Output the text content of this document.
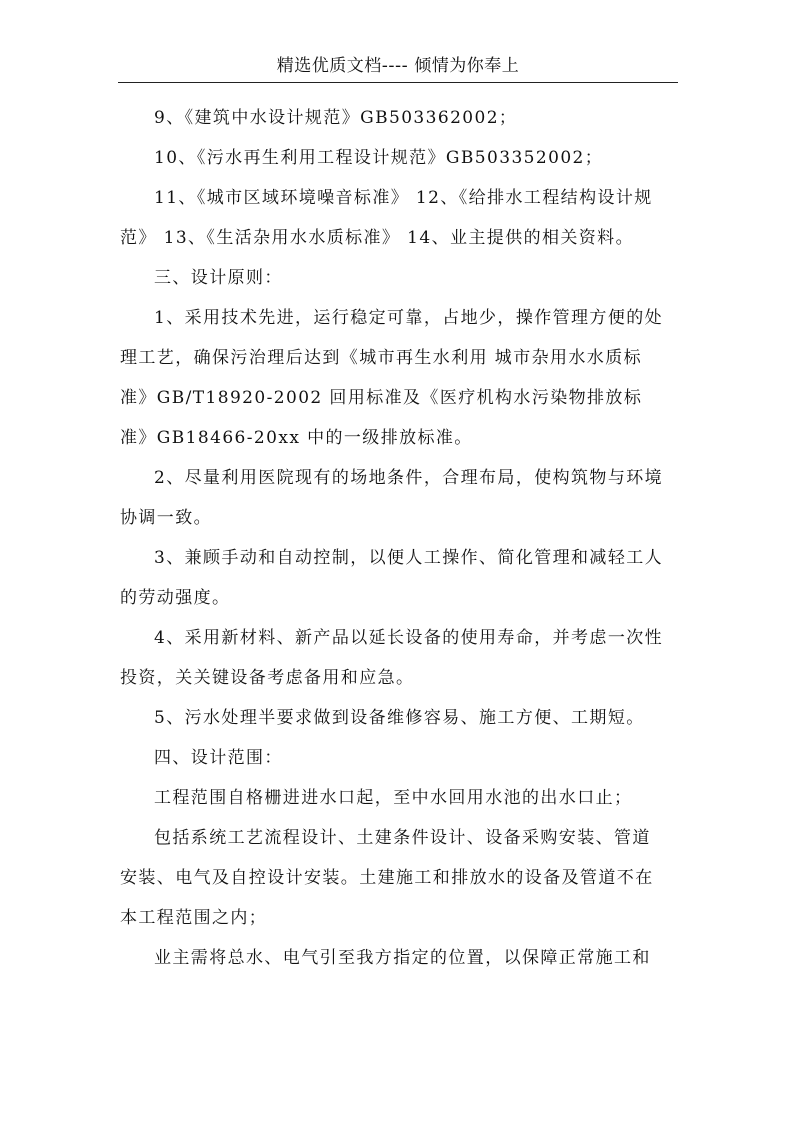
精选优质文档---- 倾情为你奉上

9、《建筑中水设计规范》GB503362002；

10、《污水再生利用工程设计规范》GB503352002；

11、《城市区域环境噪音标准》 12、《给排水工程结构设计规范》 13、《生活杂用水水质标准》 14、业主提供的相关资料。

三、设计原则：

1、采用技术先进，运行稳定可靠，占地少，操作管理方便的处理工艺，确保污治理后达到《城市再生水利用 城市杂用水水质标准》GB/T18920-2002 回用标准及《医疗机构水污染物排放标准》GB18466-20xx 中的一级排放标准。

2、尽量利用医院现有的场地条件，合理布局，使构筑物与环境协调一致。

3、兼顾手动和自动控制，以便人工操作、简化管理和减轻工人的劳动强度。

4、采用新材料、新产品以延长设备的使用寿命，并考虑一次性投资，关关键设备考虑备用和应急。

5、污水处理半要求做到设备维修容易、施工方便、工期短。

四、设计范围：

工程范围自格栅进进水口起，至中水回用水池的出水口止；

包括系统工艺流程设计、土建条件设计、设备采购安装、管道安装、电气及自控设计安装。土建施工和排放水的设备及管道不在本工程范围之内；

业主需将总水、电气引至我方指定的位置，以保障正常施工和
